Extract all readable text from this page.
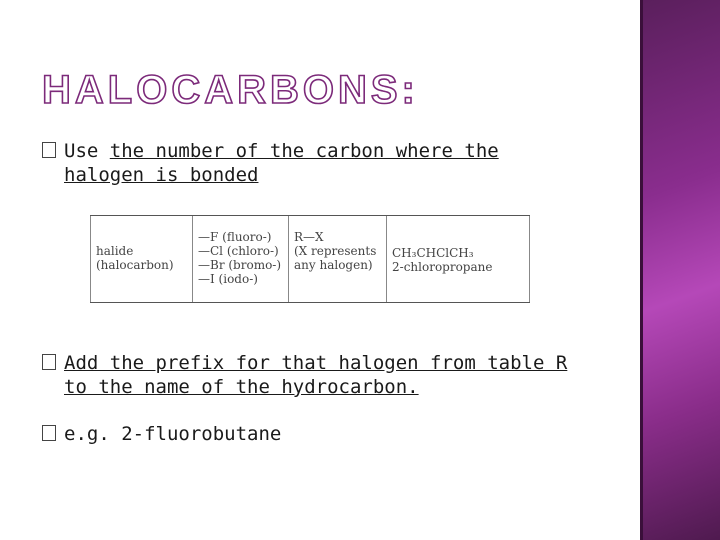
HALOCARBONS:
Use the number of the carbon where the
halogen is bonded
halide
(halocarbon)
—F (fluoro-)
—Cl (chloro-)
—Br (bromo-)
—I (iodo-)
R—X
(X represents
any halogen)
CH₃CHClCH₃
2-chloropropane
Add the prefix for that halogen from table R
to the name of the hydrocarbon.
e.g. 2-fluorobutane
